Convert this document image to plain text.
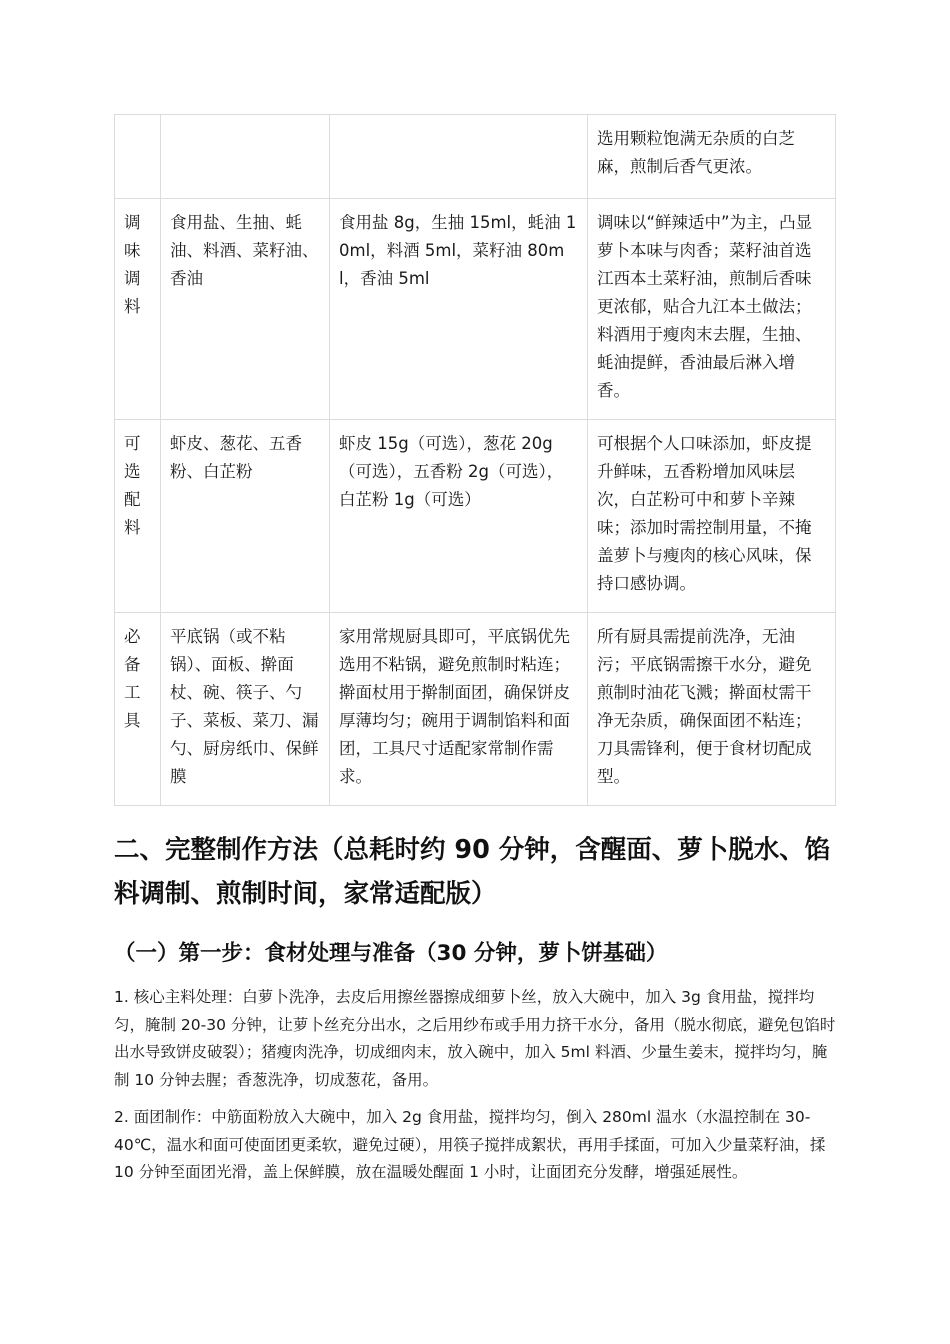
			选用颗粒饱满无杂质的白芝麻，煎制后香气更浓。
调味调料	食用盐、生抽、蚝油、料酒、菜籽油、香油	食用盐 8g，生抽 15ml，蚝油 10ml，料酒 5ml，菜籽油 80ml，香油 5ml	调味以“鲜辣适中”为主，凸显萝卜本味与肉香；菜籽油首选江西本土菜籽油，煎制后香味更浓郁，贴合九江本土做法；料酒用于瘦肉末去腥，生抽、蚝油提鲜，香油最后淋入增香。
可选配料	虾皮、葱花、五香粉、白芷粉	虾皮 15g（可选），葱花 20g（可选），五香粉 2g（可选），白芷粉 1g（可选）	可根据个人口味添加，虾皮提升鲜味，五香粉增加风味层次，白芷粉可中和萝卜辛辣味；添加时需控制用量，不掩盖萝卜与瘦肉的核心风味，保持口感协调。
必备工具	平底锅（或不粘锅）、面板、擀面杖、碗、筷子、勺子、菜板、菜刀、漏勺、厨房纸巾、保鲜膜	家用常规厨具即可，平底锅优先选用不粘锅，避免煎制时粘连；擀面杖用于擀制面团，确保饼皮厚薄均匀；碗用于调制馅料和面团，工具尺寸适配家常制作需求。	所有厨具需提前洗净，无油污；平底锅需擦干水分，避免煎制时油花飞溅；擀面杖需干净无杂质，确保面团不粘连；刀具需锋利，便于食材切配成型。
二、完整制作方法（总耗时约 90 分钟，含醒面、萝卜脱水、馅料调制、煎制时间，家常适配版）
（一）第一步：食材处理与准备（30 分钟，萝卜饼基础）

1. 核心主料处理：白萝卜洗净，去皮后用擦丝器擦成细萝卜丝，放入大碗中，加入 3g 食用盐，搅拌均匀，腌制 20-30 分钟，让萝卜丝充分出水，之后用纱布或手用力挤干水分，备用（脱水彻底，避免包馅时出水导致饼皮破裂）；猪瘦肉洗净，切成细肉末，放入碗中，加入 5ml 料酒、少量生姜末，搅拌均匀，腌制 10 分钟去腥；香葱洗净，切成葱花，备用。

2. 面团制作：中筋面粉放入大碗中，加入 2g 食用盐，搅拌均匀，倒入 280ml 温水（水温控制在 30-40℃，温水和面可使面团更柔软，避免过硬），用筷子搅拌成絮状，再用手揉面，可加入少量菜籽油，揉 10 分钟至面团光滑，盖上保鲜膜，放在温暖处醒面 1 小时，让面团充分发酵，增强延展性。
